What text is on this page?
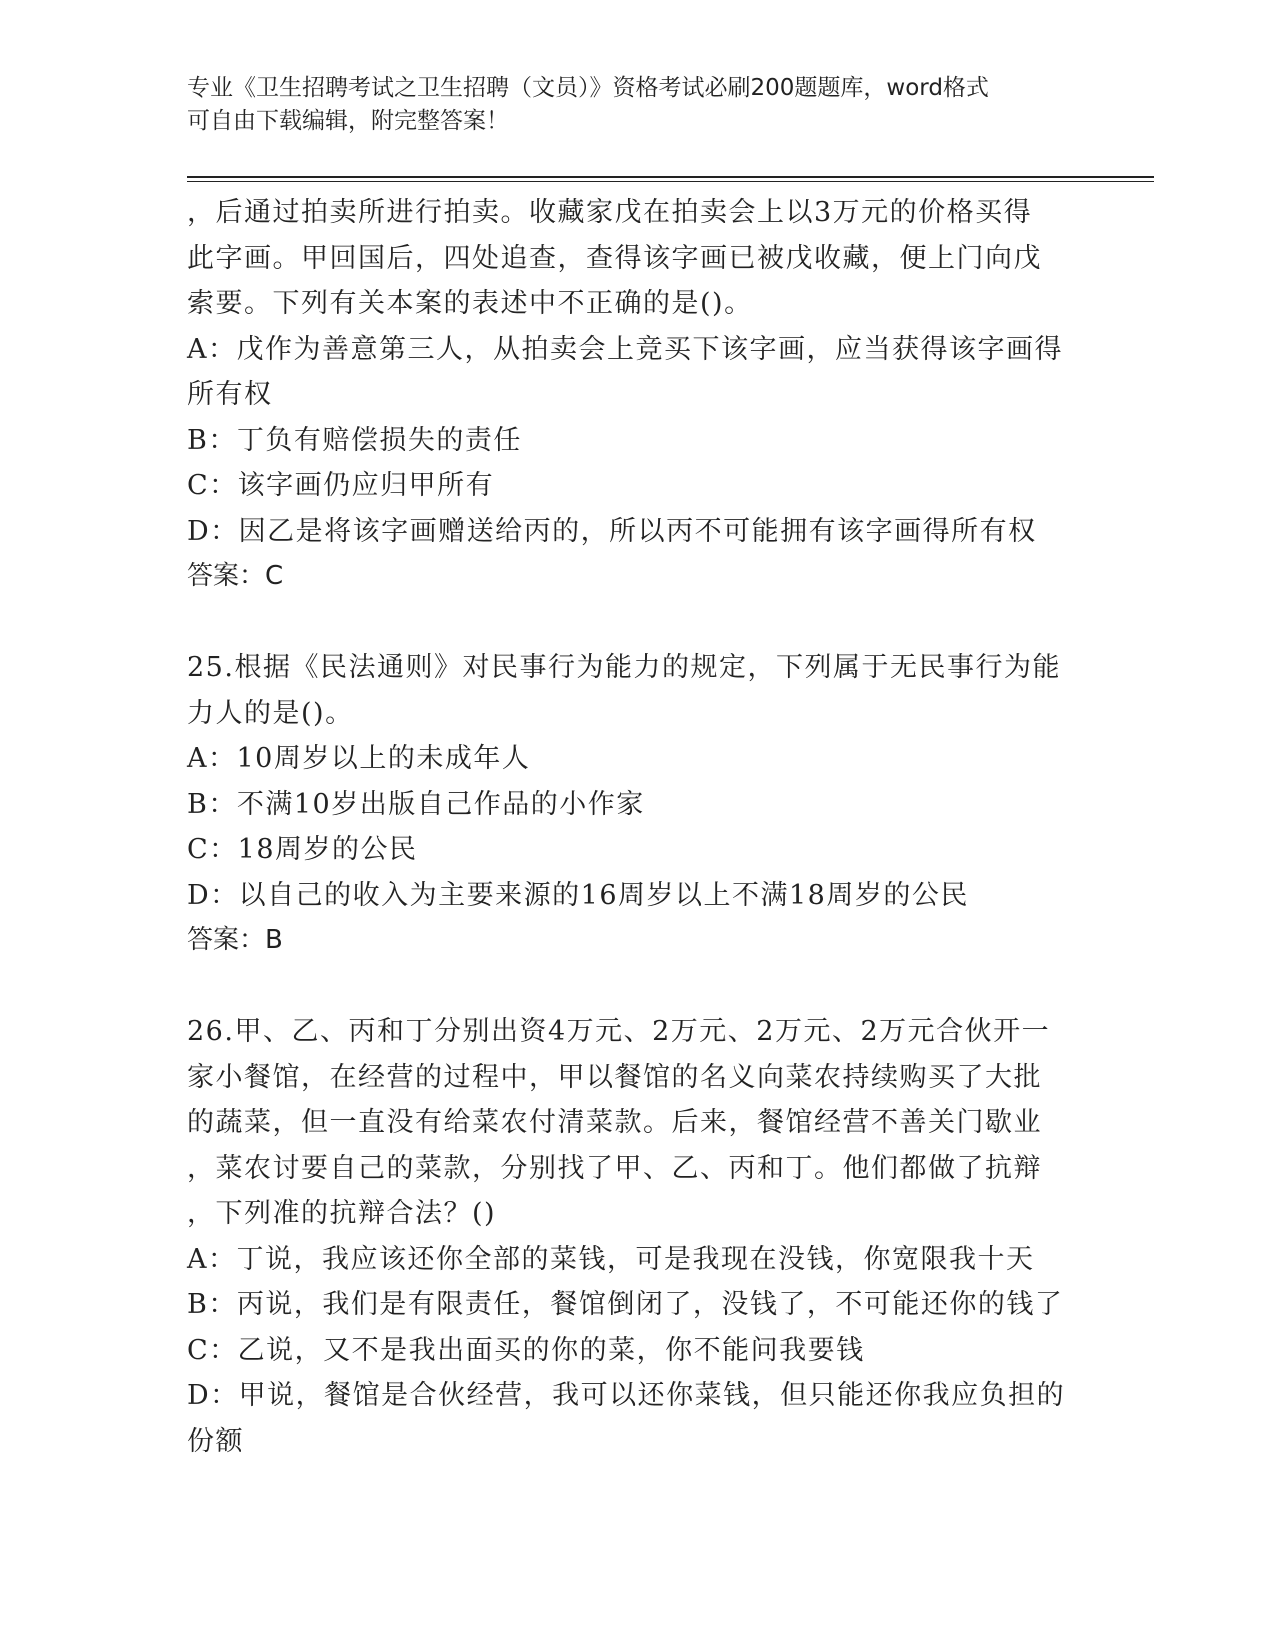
专业《卫生招聘考试之卫生招聘（文员）》资格考试必刷200题题库，word格式
可自由下载编辑，附完整答案！
，后通过拍卖所进行拍卖。收藏家戊在拍卖会上以3万元的价格买得
此字画。甲回国后，四处追查，查得该字画已被戊收藏，便上门向戊
索要。下列有关本案的表述中不正确的是()。
A：戊作为善意第三人，从拍卖会上竞买下该字画，应当获得该字画得
所有权
B：丁负有赔偿损失的责任
C：该字画仍应归甲所有
D：因乙是将该字画赠送给丙的，所以丙不可能拥有该字画得所有权
答案：C
25.根据《民法通则》对民事行为能力的规定，下列属于无民事行为能
力人的是()。
A：10周岁以上的未成年人
B：不满10岁出版自己作品的小作家
C：18周岁的公民
D：以自己的收入为主要来源的16周岁以上不满18周岁的公民
答案：B
26.甲、乙、丙和丁分别出资4万元、2万元、2万元、2万元合伙开一
家小餐馆，在经营的过程中，甲以餐馆的名义向菜农持续购买了大批
的蔬菜，但一直没有给菜农付清菜款。后来，餐馆经营不善关门歇业
，菜农讨要自己的菜款，分别找了甲、乙、丙和丁。他们都做了抗辩
，下列准的抗辩合法？()
A：丁说，我应该还你全部的菜钱，可是我现在没钱，你宽限我十天
B：丙说，我们是有限责任，餐馆倒闭了，没钱了，不可能还你的钱了
C：乙说，又不是我出面买的你的菜，你不能问我要钱
D：甲说，餐馆是合伙经营，我可以还你菜钱，但只能还你我应负担的
份额
